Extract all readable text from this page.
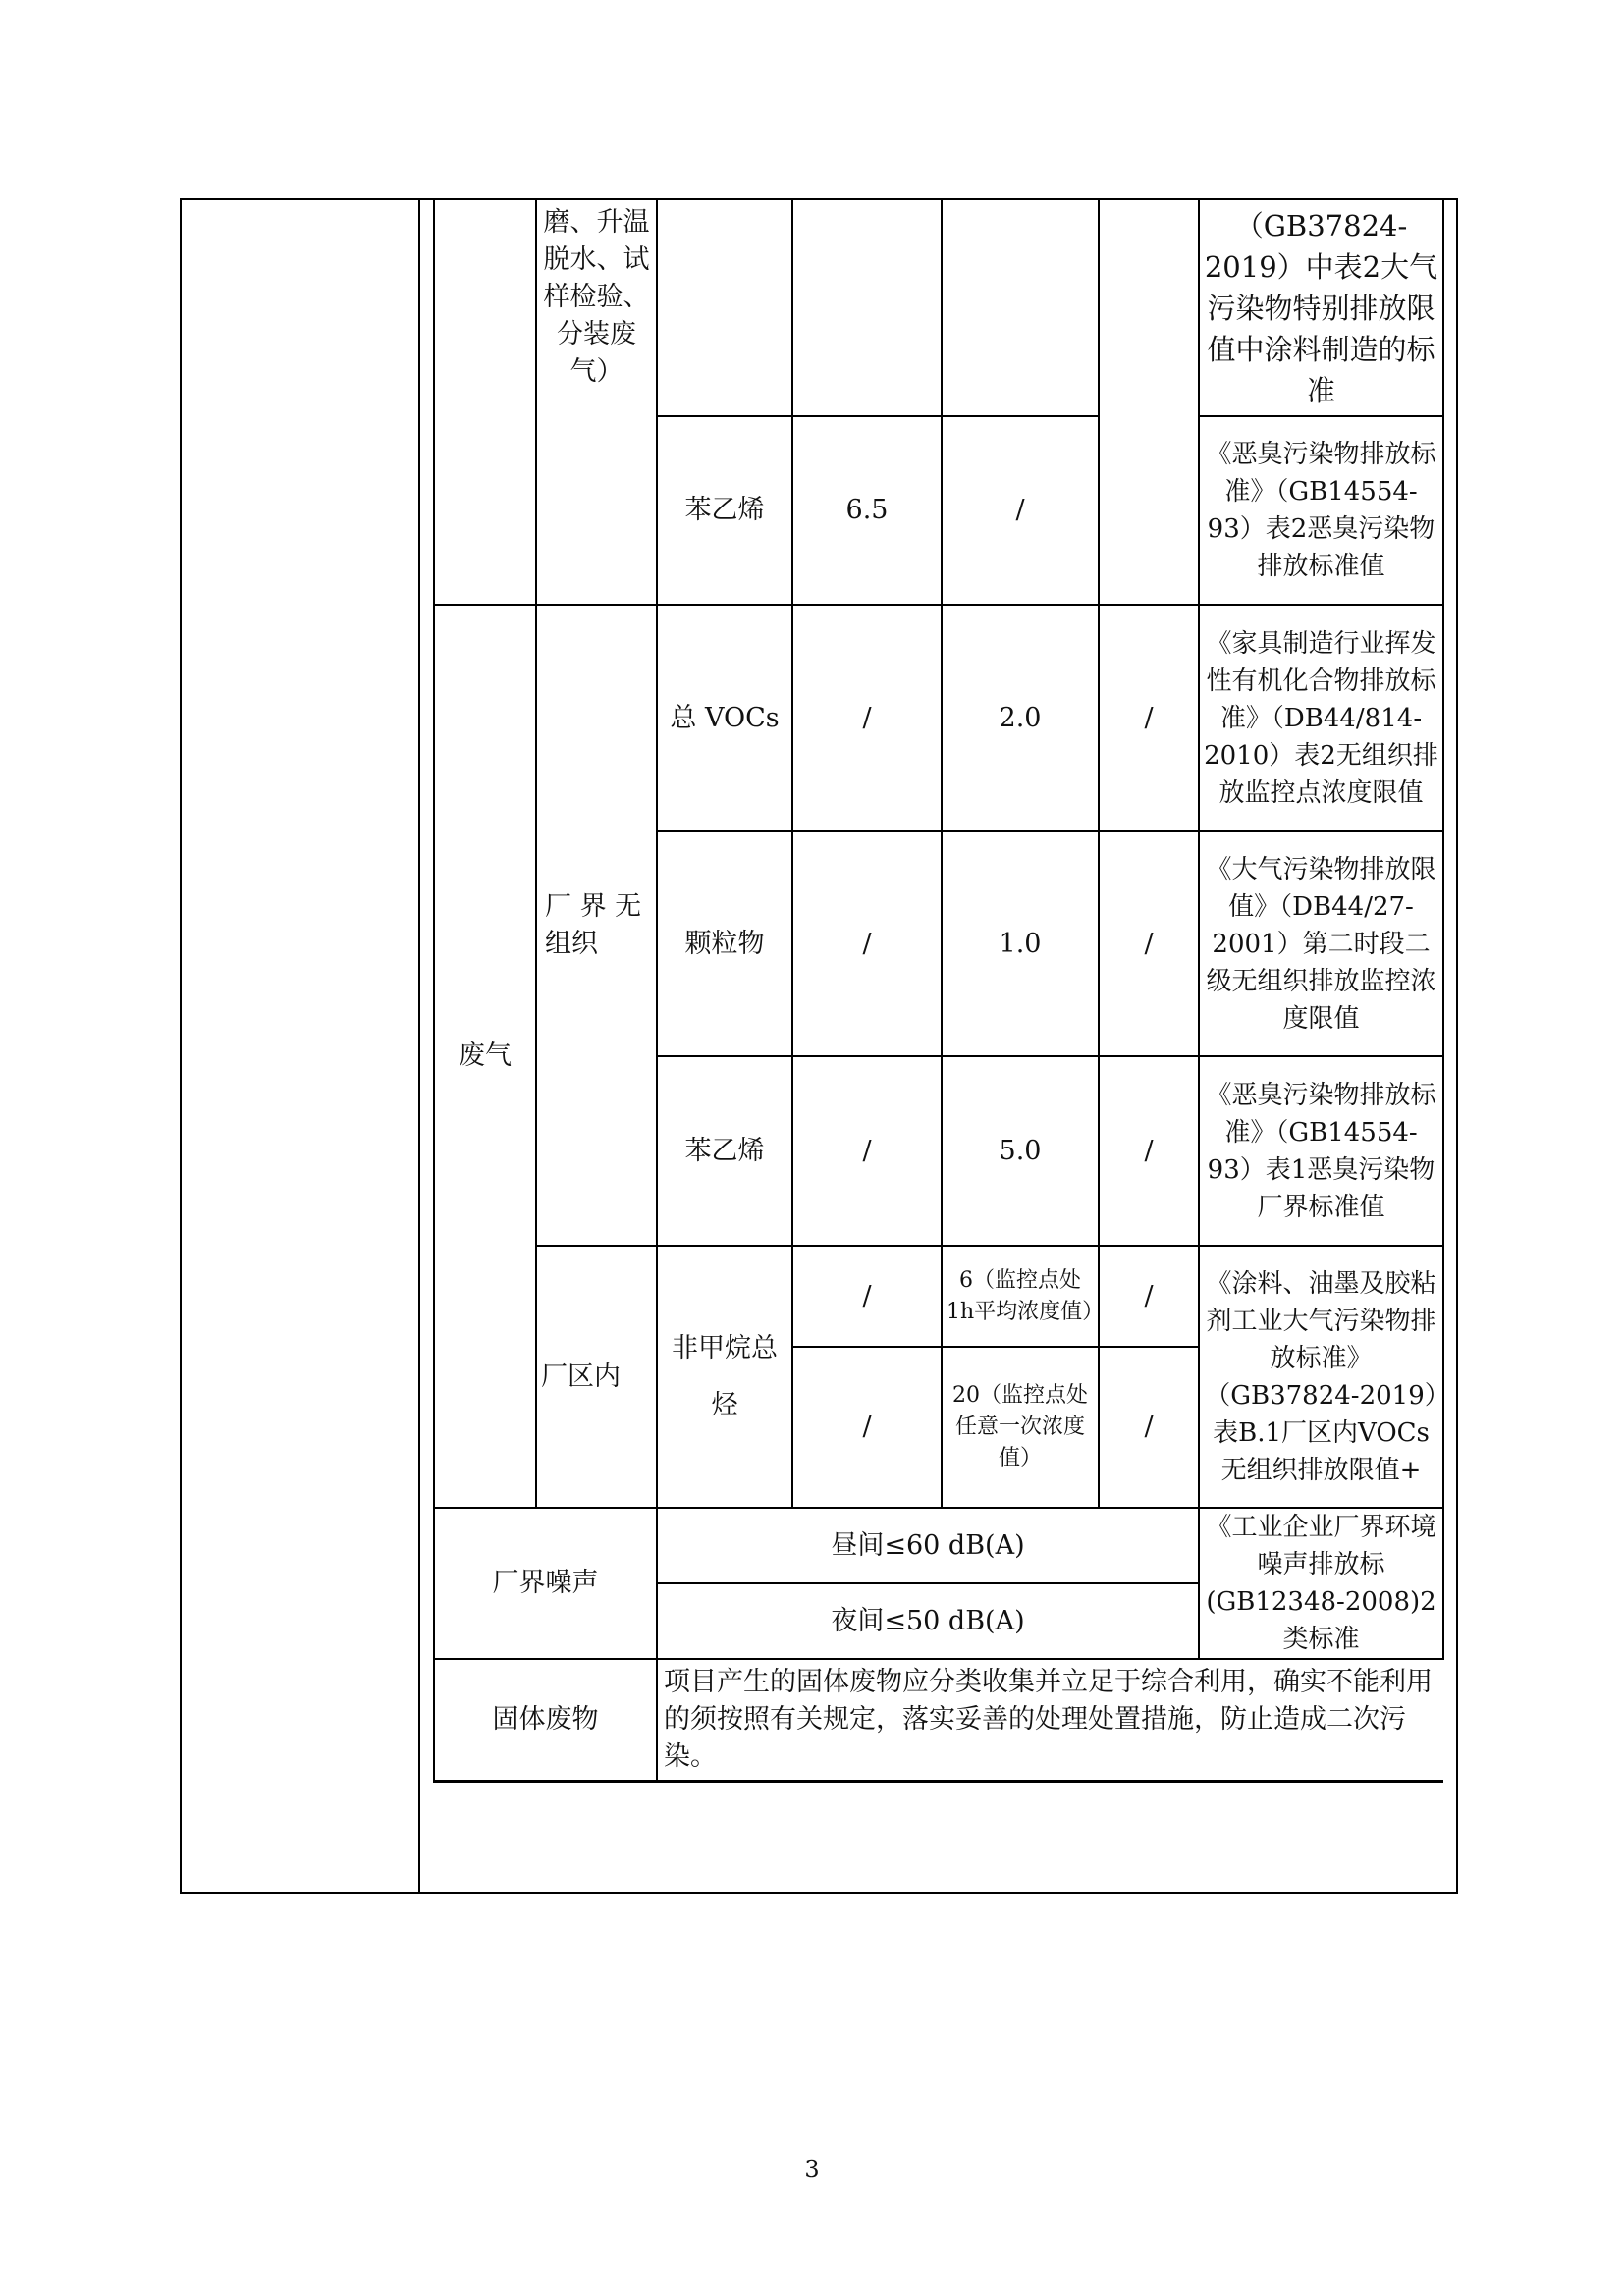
	磨、升温脱水、试样检验、分装废气）					（GB37824-2019）中表2大气污染物特别排放限值中涂料制造的标准
		苯乙烯	6.5	/		《恶臭污染物排放标准》（GB14554-93）表2恶臭污染物排放标准值
废气	厂 界 无组织	总 VOCs	/	2.0	/	《家具制造行业挥发性有机化合物排放标准》（DB44/814-2010）表2无组织排放监控点浓度限值
		颗粒物	/	1.0	/	《大气污染物排放限值》（DB44/27-2001）第二时段二级无组织排放监控浓度限值
		苯乙烯	/	5.0	/	《恶臭污染物排放标准》（GB14554-93）表1恶臭污染物厂界标准值
	厂区内	非甲烷总烃	/	6（监控点处1h平均浓度值）	/	《涂料、油墨及胶粘剂工业大气污染物排放标准》（GB37824-2019）表B.1厂区内VOCs无组织排放限值+
			/	20（监控点处任意一次浓度值）	/	
厂界噪声		昼间≤60 dB(A)				《工业企业厂界环境噪声排放标(GB12348-2008)2类标准
		夜间≤50 dB(A)				
固体废物		项目产生的固体废物应分类收集并立足于综合利用，确实不能利用的须按照有关规定，落实妥善的处理处置措施，防止造成二次污染。				
3
